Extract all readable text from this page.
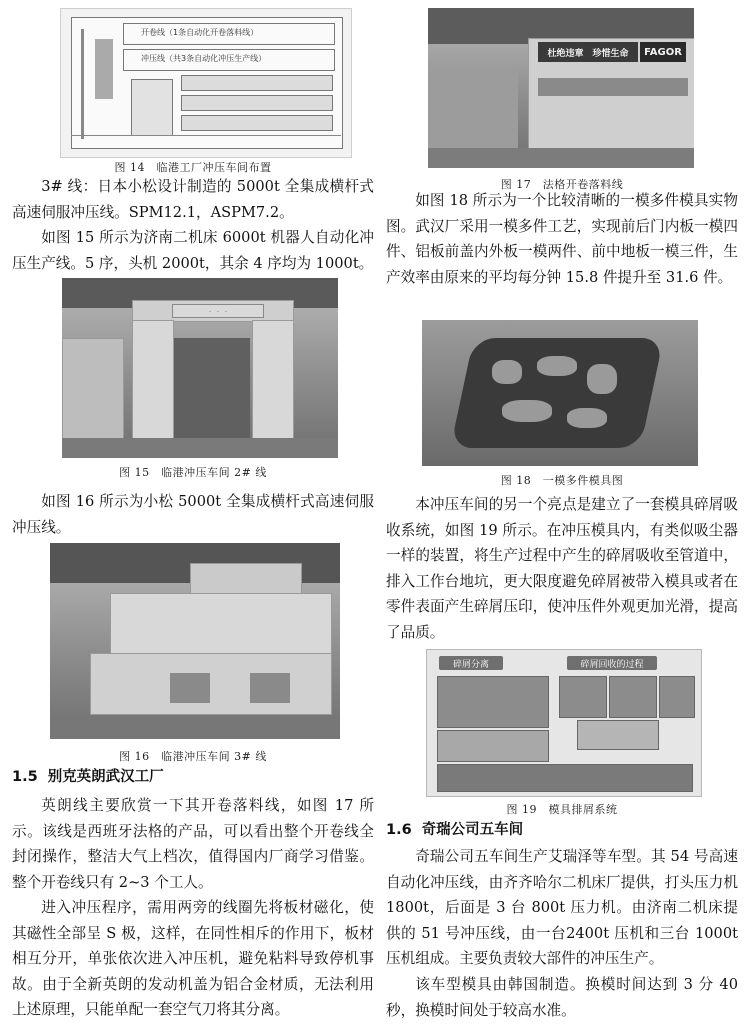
开卷线（1条自动化开卷落料线）
冲压线（共3条自动化冲压生产线）
图 14　临港工厂冲压车间布置

3# 线：日本小松设计制造的 5000t 全集成横杆式高速伺服冲压线。SPM12.1，ASPM7.2。

如图 15 所示为济南二机床 6000t 机器人自动化冲压生产线。5 序，头机 2000t，其余 4 序均为 1000t。

·　·　·
图 15　临港冲压车间 2# 线

如图 16 所示为小松 5000t 全集成横杆式高速伺服冲压线。

图 16　临港冲压车间 3# 线
1.5 别克英朗武汉工厂

英朗线主要欣赏一下其开卷落料线，如图 17 所示。该线是西班牙法格的产品，可以看出整个开卷线全封闭操作，整洁大气上档次，值得国内厂商学习借鉴。整个开卷线只有 2~3 个工人。

进入冲压程序，需用两旁的线圈先将板材磁化，使其磁性全部呈 S 极，这样，在同性相斥的作用下，板材相互分开，单张依次进入冲压机，避免粘料导致停机事故。由于全新英朗的发动机盖为铝合金材质，无法利用上述原理，只能单配一套空气刀将其分离。

杜绝违章　珍惜生命	FAGOR
图 17　法格开卷落料线

如图 18 所示为一个比较清晰的一模多件模具实物图。武汉厂采用一模多件工艺，实现前后门内板一模四件、铝板前盖内外板一模两件、前中地板一模三件，生产效率由原来的平均每分钟 15.8 件提升至 31.6 件。

图 18　一模多件模具图

本冲压车间的另一个亮点是建立了一套模具碎屑吸收系统，如图 19 所示。在冲压模具内，有类似吸尘器一样的装置，将生产过程中产生的碎屑吸收至管道中，排入工作台地坑，更大限度避免碎屑被带入模具或者在零件表面产生碎屑压印，使冲压件外观更加光滑，提高了品质。

碎屑分离	碎屑回收的过程
图 19　模具排屑系统
1.6 奇瑞公司五车间

奇瑞公司五车间生产艾瑞泽等车型。其 54 号高速自动化冲压线，由齐齐哈尔二机床厂提供，打头压力机 1800t，后面是 3 台 800t 压力机。由济南二机床提供的 51 号冲压线，由一台2400t 压机和三台 1000t 压机组成。主要负责较大部件的冲压生产。

该车型模具由韩国制造。换模时间达到 3 分 40 秒，换模时间处于较高水准。
